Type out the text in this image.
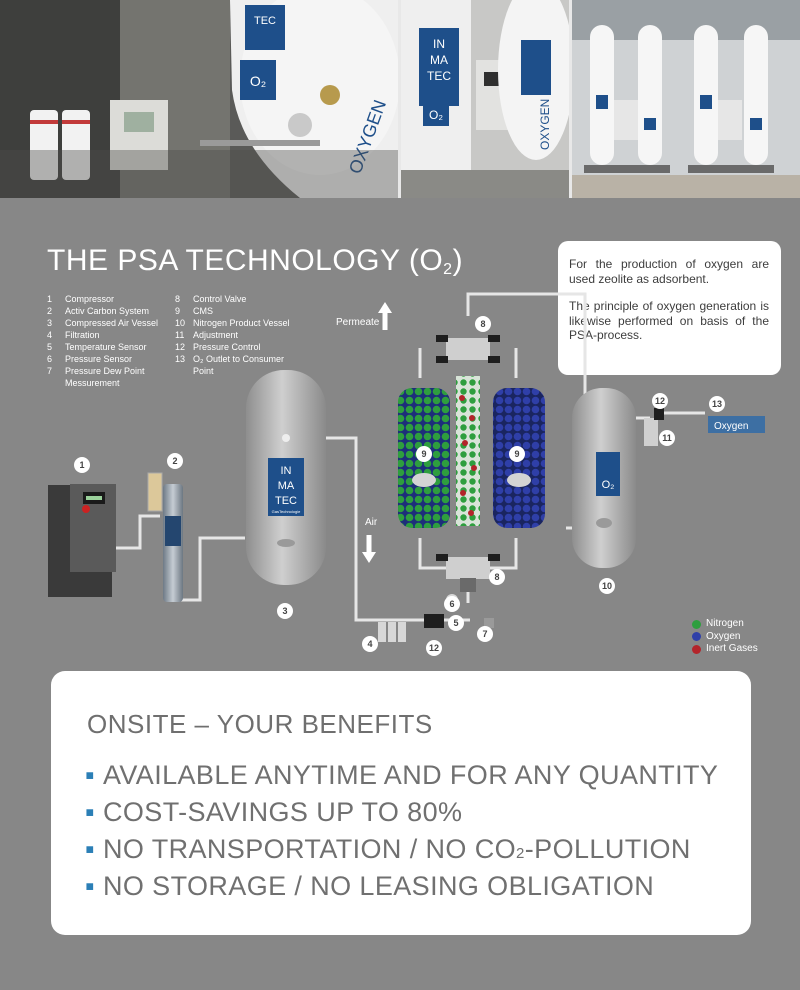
TEC
O₂
OXYGEN
IN
MA
TEC
O₂	OXYGEN
THE PSA TECHNOLOGY $(O_2)$	For the production of oxygen are used zeolite as adsorbent.

The principle of oxygen generation is likewise performed on basis of the PSA-process.

1	Compressor
2	Activ Carbon System
3	Compressed Air Vessel
4	Filtration
5	Temperature Sensor
6	Pressure Sensor
7	Pressure Dew Point
Messurement
8	Control Valve
9	CMS
10 Nitrogen Product Vessel
11 Adjustment
12 Pressure Control
13 O₂ Outlet to Consumer
Point
IN
MA
TEC
GasTechnologie
O₂
Oxygen
Permeate
Air
1	2
3
4
5
6
7
8
8
9	9
10
11
12
12
13
Nitrogen
Oxygen
Inert Gases
ONSITE – YOUR BENEFITS
▪ AVAILABLE ANYTIME AND FOR ANY QUANTITY
▪ COST-SAVINGS UP TO 80%
▪ NO TRANSPORTATION / NO CO 2 -POLLUTION
▪ NO STORAGE / NO LEASING OBLIGATION
